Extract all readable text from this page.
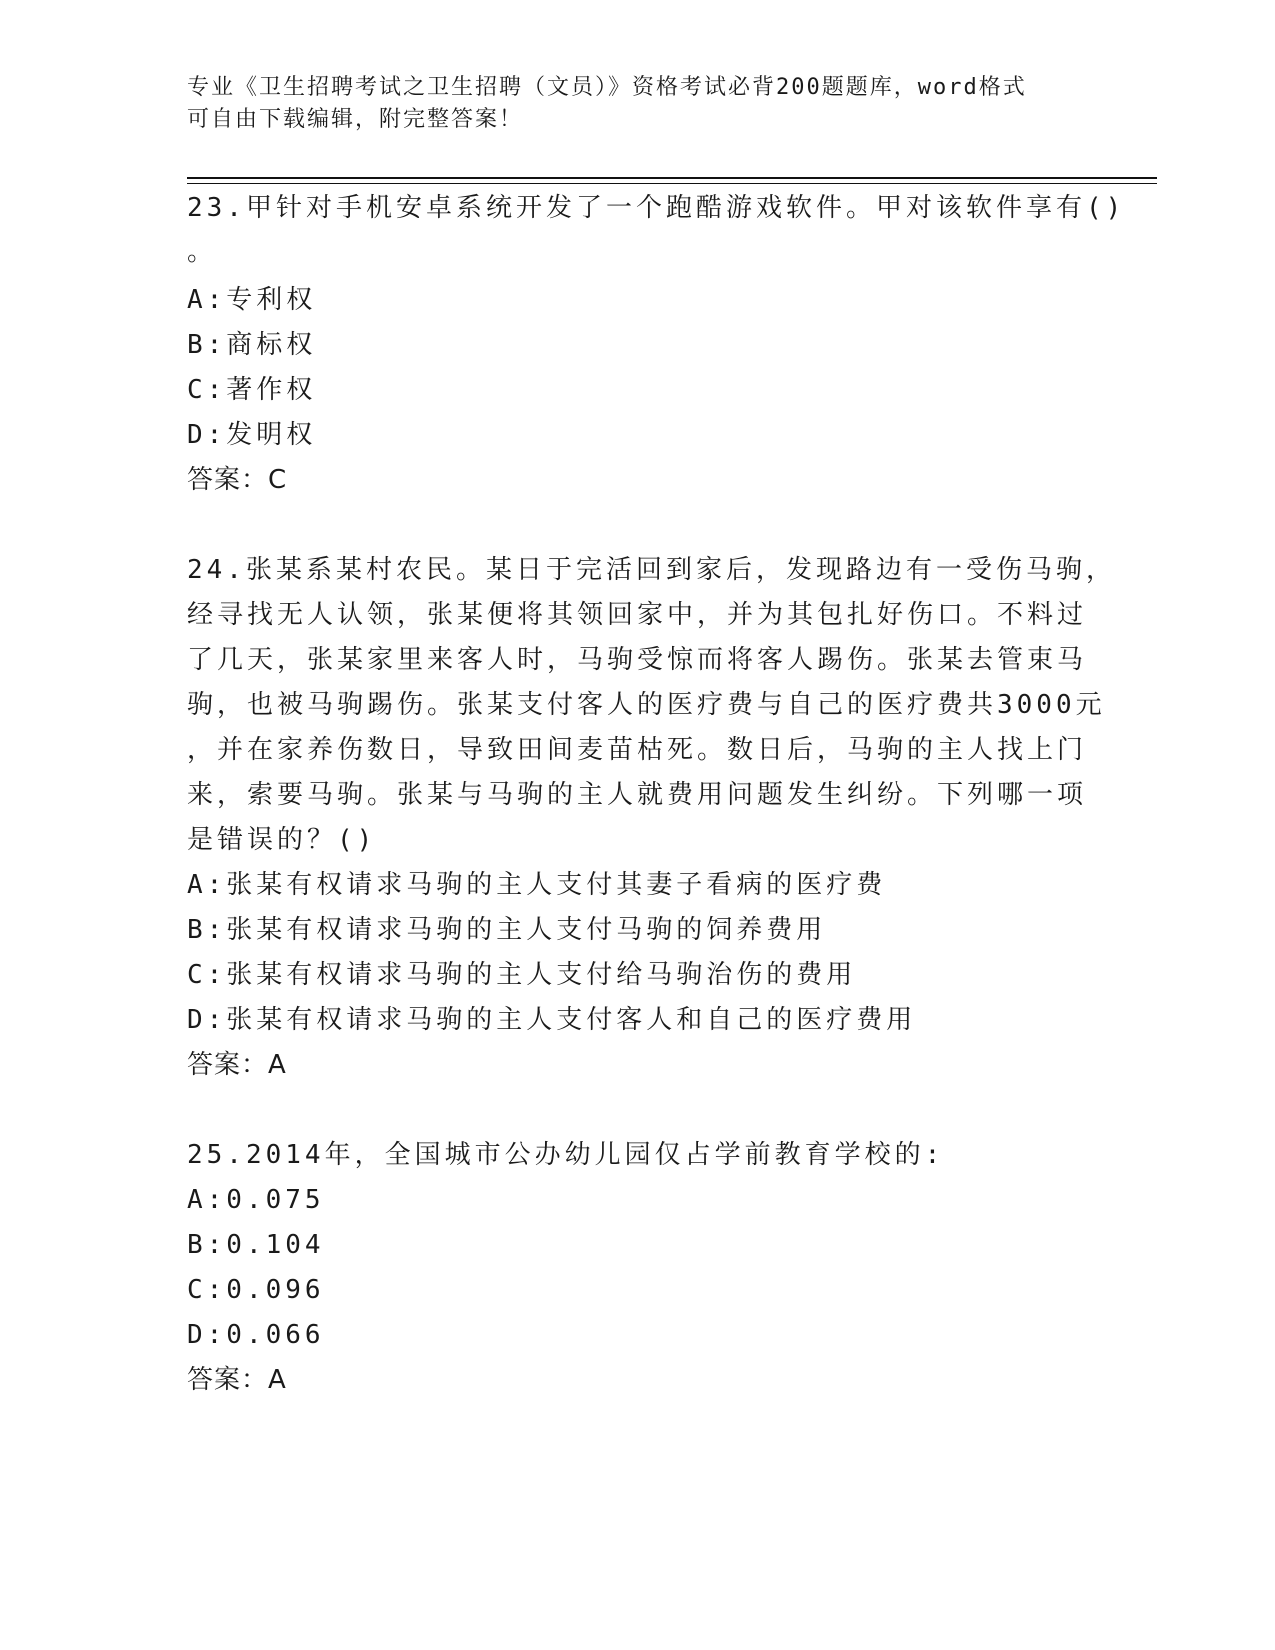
专业《卫生招聘考试之卫生招聘（文员）》资格考试必背200题题库，word格式
可自由下载编辑，附完整答案！
23.甲针对手机安卓系统开发了一个跑酷游戏软件。甲对该软件享有()
。
A:专利权
B:商标权
C:著作权
D:发明权
答案：C
24.张某系某村农民。某日于完活回到家后，发现路边有一受伤马驹，
经寻找无人认领，张某便将其领回家中，并为其包扎好伤口。不料过
了几天，张某家里来客人时，马驹受惊而将客人踢伤。张某去管束马
驹，也被马驹踢伤。张某支付客人的医疗费与自己的医疗费共3000元
，并在家养伤数日，导致田间麦苗枯死。数日后，马驹的主人找上门
来，索要马驹。张某与马驹的主人就费用问题发生纠纷。下列哪一项
是错误的？()
A:张某有权请求马驹的主人支付其妻子看病的医疗费
B:张某有权请求马驹的主人支付马驹的饲养费用
C:张某有权请求马驹的主人支付给马驹治伤的费用
D:张某有权请求马驹的主人支付客人和自己的医疗费用
答案：A
25.2014年，全国城市公办幼儿园仅占学前教育学校的:
A:0.075
B:0.104
C:0.096
D:0.066
答案：A
